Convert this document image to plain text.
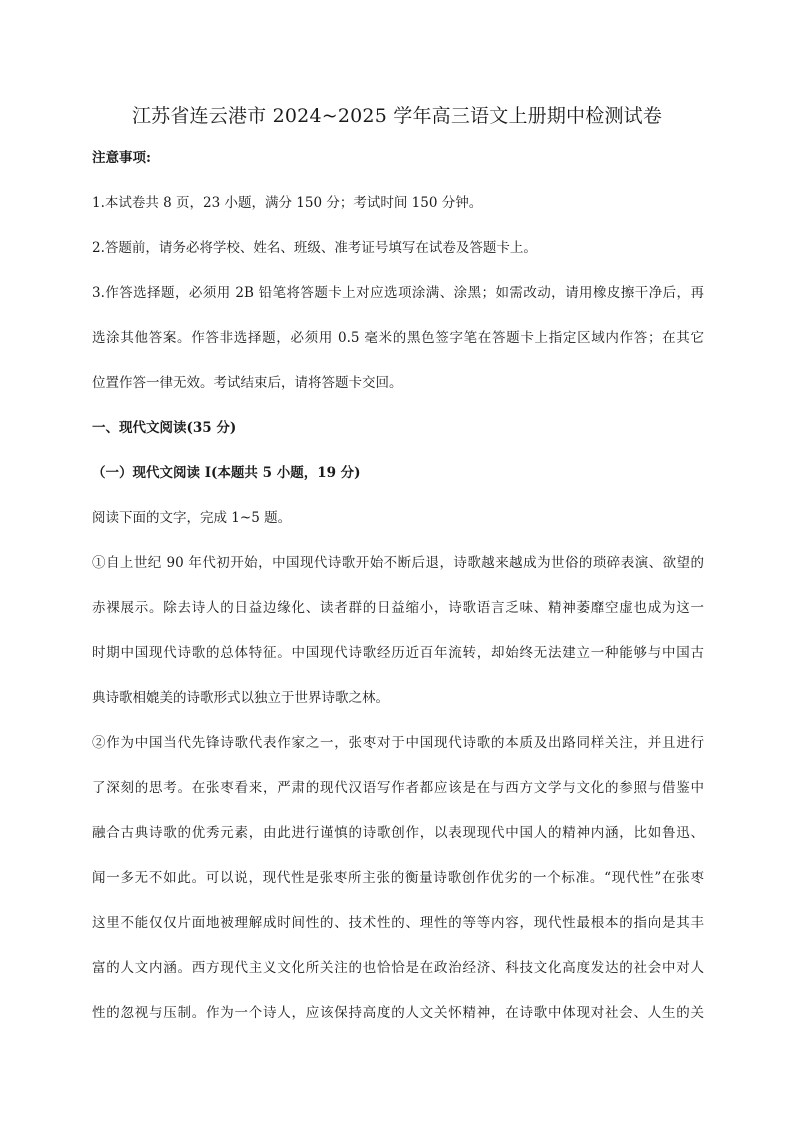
江苏省连云港市 2024~2025 学年高三语文上册期中检测试卷
注意事项:
1.本试卷共 8 页，23 小题，满分 150 分；考试时间 150 分钟。
2.答题前，请务必将学校、姓名、班级、准考证号填写在试卷及答题卡上。
3.作答选择题，必须用 2B 铅笔将答题卡上对应选项涂满、涂黑；如需改动，请用橡皮擦干净后，再
选涂其他答案。作答非选择题，必须用 0.5 毫米的黑色签字笔在答题卡上指定区域内作答；在其它
位置作答一律无效。考试结束后，请将答题卡交回。
一、现代文阅读(35 分)
（一）现代文阅读 I(本题共 5 小题，19 分)
阅读下面的文字，完成 1~5 题。
①自上世纪 90 年代初开始，中国现代诗歌开始不断后退，诗歌越来越成为世俗的琐碎表演、欲望的
赤裸展示。除去诗人的日益边缘化、读者群的日益缩小，诗歌语言乏味、精神萎靡空虚也成为这一
时期中国现代诗歌的总体特征。中国现代诗歌经历近百年流转，却始终无法建立一种能够与中国古
典诗歌相媲美的诗歌形式以独立于世界诗歌之林。
②作为中国当代先锋诗歌代表作家之一，张枣对于中国现代诗歌的本质及出路同样关注，并且进行
了深刻的思考。在张枣看来，严肃的现代汉语写作者都应该是在与西方文学与文化的参照与借鉴中
融合古典诗歌的优秀元素，由此进行谨慎的诗歌创作，以表现现代中国人的精神内涵，比如鲁迅、
闻一多无不如此。可以说，现代性是张枣所主张的衡量诗歌创作优劣的一个标准。“现代性”在张枣
这里不能仅仅片面地被理解成时间性的、技术性的、理性的等等内容，现代性最根本的指向是其丰
富的人文内涵。西方现代主义文化所关注的也恰恰是在政治经济、科技文化高度发达的社会中对人
性的忽视与压制。作为一个诗人，应该保持高度的人文关怀精神，在诗歌中体现对社会、人生的关
